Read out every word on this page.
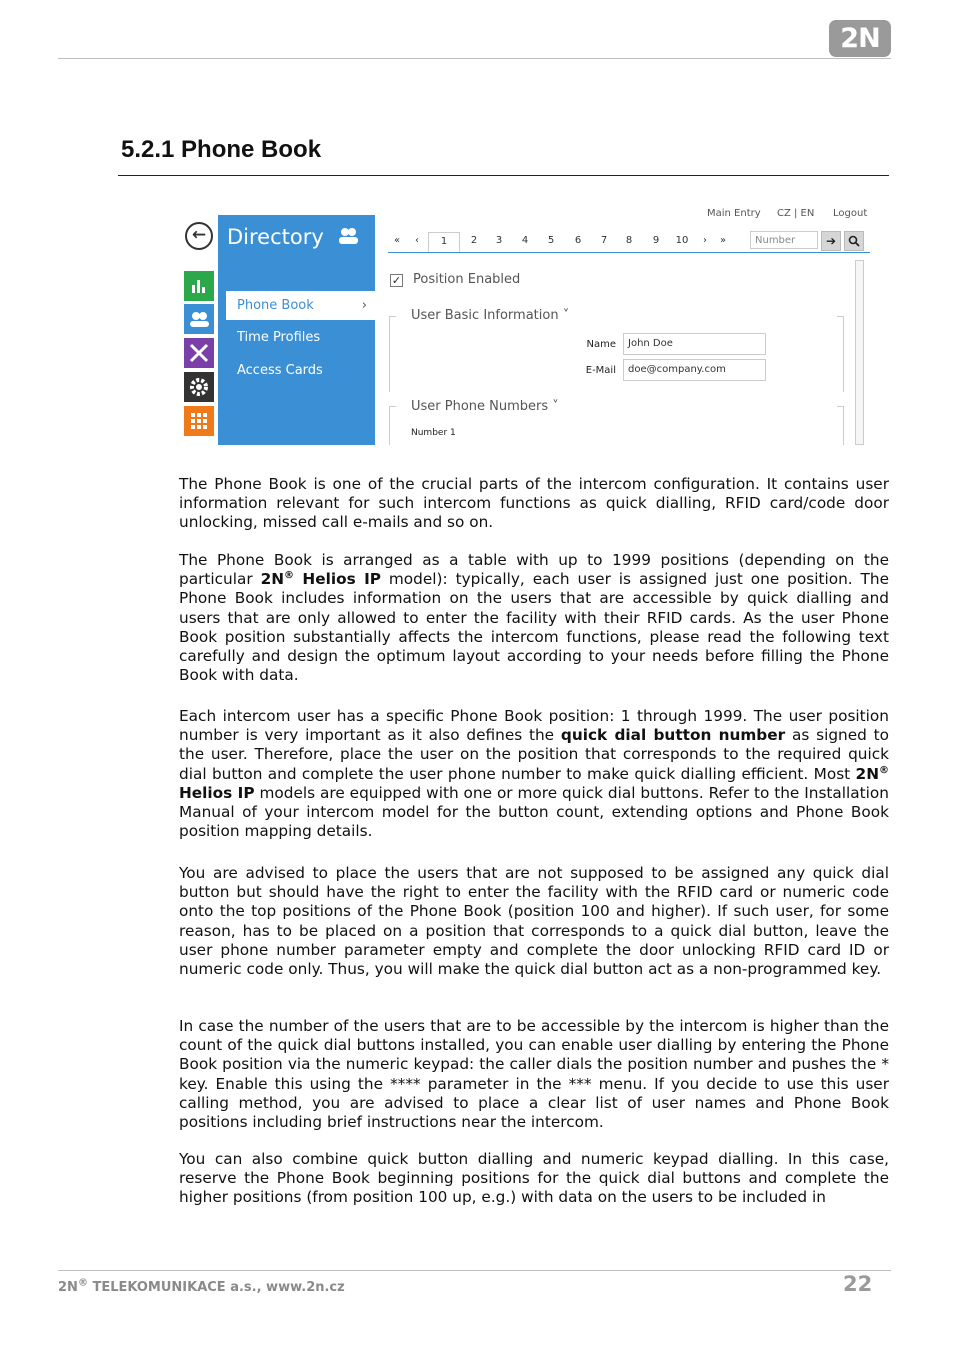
2N
5.2.1 Phone Book
← Directory
Phone Book	›
Time Profiles
Access Cards
Main Entry CZ | EN Logout
«	‹	1	2	3	4	5	6	7	8	9	10	›	»	Number	➔
✓ Position Enabled
User Basic Information ˅
Name	John Doe
E-Mail	doe@company.com
User Phone Numbers ˅
Number 1

The Phone Book is one of the crucial parts of the intercom configuration. It contains user information relevant for such intercom functions as quick dialling, RFID card/code door unlocking, missed call e-mails and so on.

The Phone Book is arranged as a table with up to 1999 positions (depending on the particular 2N® Helios IP model): typically, each user is assigned just one position. The Phone Book includes information on the users that are accessible by quick dialling and users that are only allowed to enter the facility with their RFID cards. As the user Phone Book position substantially affects the intercom functions, please read the following text carefully and design the optimum layout according to your needs before filling the Phone Book with data.

Each intercom user has a specific Phone Book position: 1 through 1999. The user position number is very important as it also defines the quick dial button number as signed to the user. Therefore, place the user on the position that corresponds to the required quick dial button and complete the user phone number to make quick dialling efficient. Most 2N® Helios IP models are equipped with one or more quick dial buttons. Refer to the Installation Manual of your intercom model for the button count, extending options and Phone Book position mapping details.

You are advised to place the users that are not supposed to be assigned any quick dial button but should have the right to enter the facility with the RFID card or numeric code onto the top positions of the Phone Book (position 100 and higher). If such user, for some reason, has to be placed on a position that corresponds to a quick dial button, leave the user phone number parameter empty and complete the door unlocking RFID card ID or numeric code only. Thus, you will make the quick dial button act as a non-programmed key.

In case the number of the users that are to be accessible by the intercom is higher than the count of the quick dial buttons installed, you can enable user dialling by entering the Phone Book position via the numeric keypad: the caller dials the position number and pushes the * key. Enable this using the **** parameter in the *** menu. If you decide to use this user calling method, you are advised to place a clear list of user names and Phone Book positions including brief instructions near the intercom.

You can also combine quick button dialling and numeric keypad dialling. In this case, reserve the Phone Book beginning positions for the quick dial buttons and complete the higher positions (from position 100 up, e.g.) with data on the users to be included in

2N® TELEKOMUNIKACE a.s., www.2n.cz	22
